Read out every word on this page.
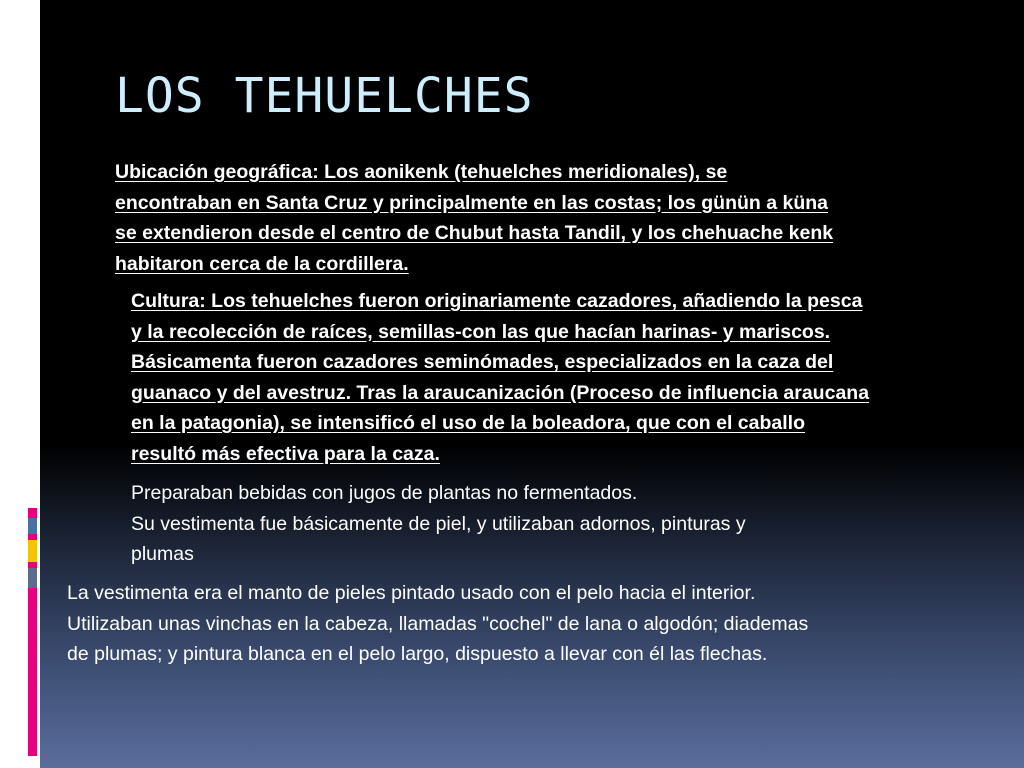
LOS TEHUELCHES
Ubicación geográfica: Los aonikenk (tehuelches meridionales), se
encontraban en Santa Cruz y principalmente en las costas; los günün a küna
se extendieron desde el centro de Chubut hasta Tandil, y los chehuache kenk
habitaron cerca de la cordillera.
Cultura: Los tehuelches fueron originariamente cazadores, añadiendo la pesca
y la recolección de raíces, semillas-con las que hacían harinas- y mariscos.
Básicamenta fueron cazadores seminómades, especializados en la caza del
guanaco y del avestruz. Tras la araucanización (Proceso de influencia araucana
en la patagonia), se intensificó el uso de la boleadora, que con el caballo
resultó más efectiva para la caza.
Preparaban bebidas con jugos de plantas no fermentados.
Su vestimenta fue básicamente de piel, y utilizaban adornos, pinturas y
plumas
La vestimenta era el manto de pieles pintado usado con el pelo hacia el interior.
Utilizaban unas vinchas en la cabeza, llamadas "cochel" de lana o algodón; diademas
de plumas; y pintura blanca en el pelo largo, dispuesto a llevar con él las flechas.
